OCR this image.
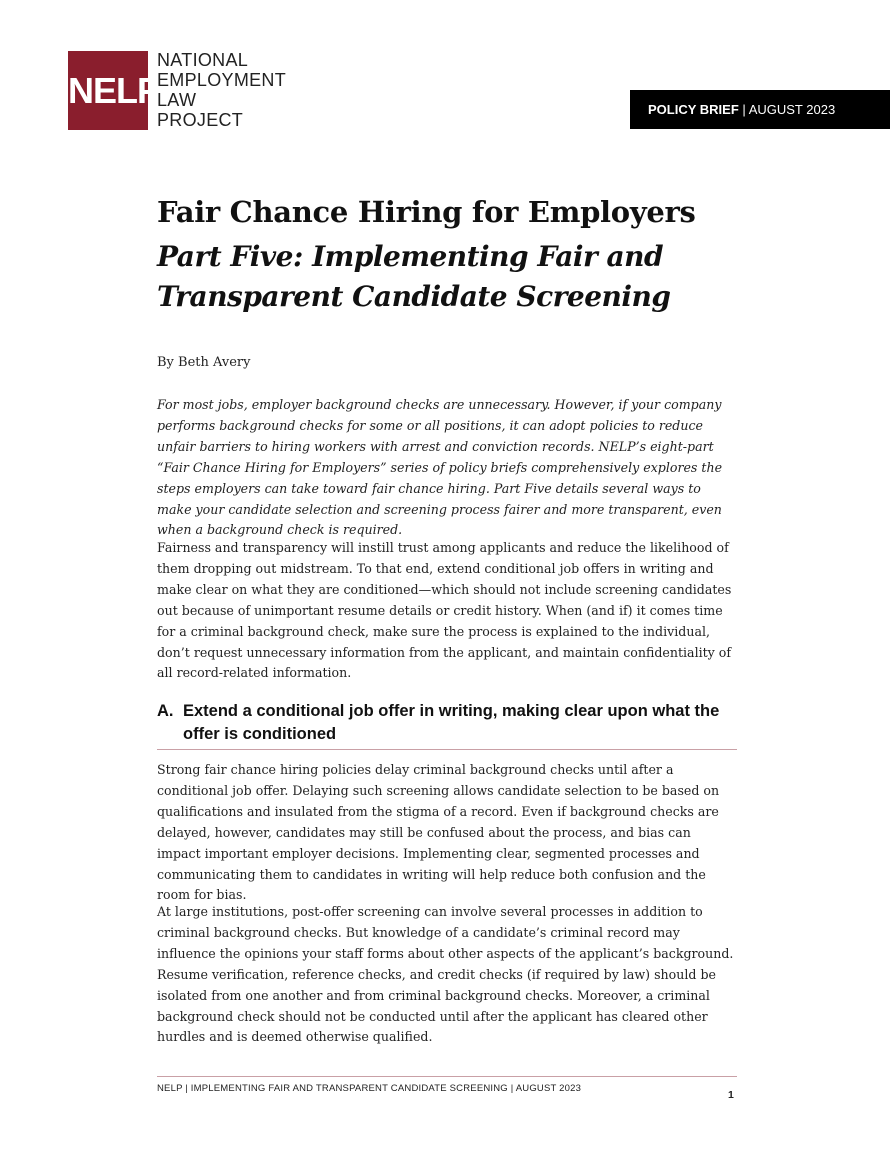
NELP
NATIONAL
EMPLOYMENT
LAW
PROJECT
POLICY BRIEF | AUGUST 2023
Fair Chance Hiring for Employers
Part Five: Implementing Fair and
Transparent Candidate Screening
By Beth Avery
For most jobs, employer background checks are unnecessary. However, if your company performs background checks for some or all positions, it can adopt policies to reduce unfair barriers to hiring workers with arrest and conviction records. NELP’s eight-part “Fair Chance Hiring for Employers” series of policy briefs comprehensively explores the steps employers can take toward fair chance hiring. Part Five details several ways to make your candidate selection and screening process fairer and more transparent, even when a background check is required.
Fairness and transparency will instill trust among applicants and reduce the likelihood of them dropping out midstream. To that end, extend conditional job offers in writing and make clear on what they are conditioned—which should not include screening candidates out because of unimportant resume details or credit history. When (and if) it comes time for a criminal background check, make sure the process is explained to the individual, don’t request unnecessary information from the applicant, and maintain confidentiality of all record-related information.
A. Extend a conditional job offer in writing, making clear upon what the offer is conditioned
Strong fair chance hiring policies delay criminal background checks until after a conditional job offer. Delaying such screening allows candidate selection to be based on qualifications and insulated from the stigma of a record. Even if background checks are delayed, however, candidates may still be confused about the process, and bias can impact important employer decisions. Implementing clear, segmented processes and communicating them to candidates in writing will help reduce both confusion and the room for bias.
At large institutions, post-offer screening can involve several processes in addition to criminal background checks. But knowledge of a candidate’s criminal record may influence the opinions your staff forms about other aspects of the applicant’s background. Resume verification, reference checks, and credit checks (if required by law) should be isolated from one another and from criminal background checks. Moreover, a criminal background check should not be conducted until after the applicant has cleared other hurdles and is deemed otherwise qualified.
NELP | IMPLEMENTING FAIR AND TRANSPARENT CANDIDATE SCREENING | AUGUST 2023
1
